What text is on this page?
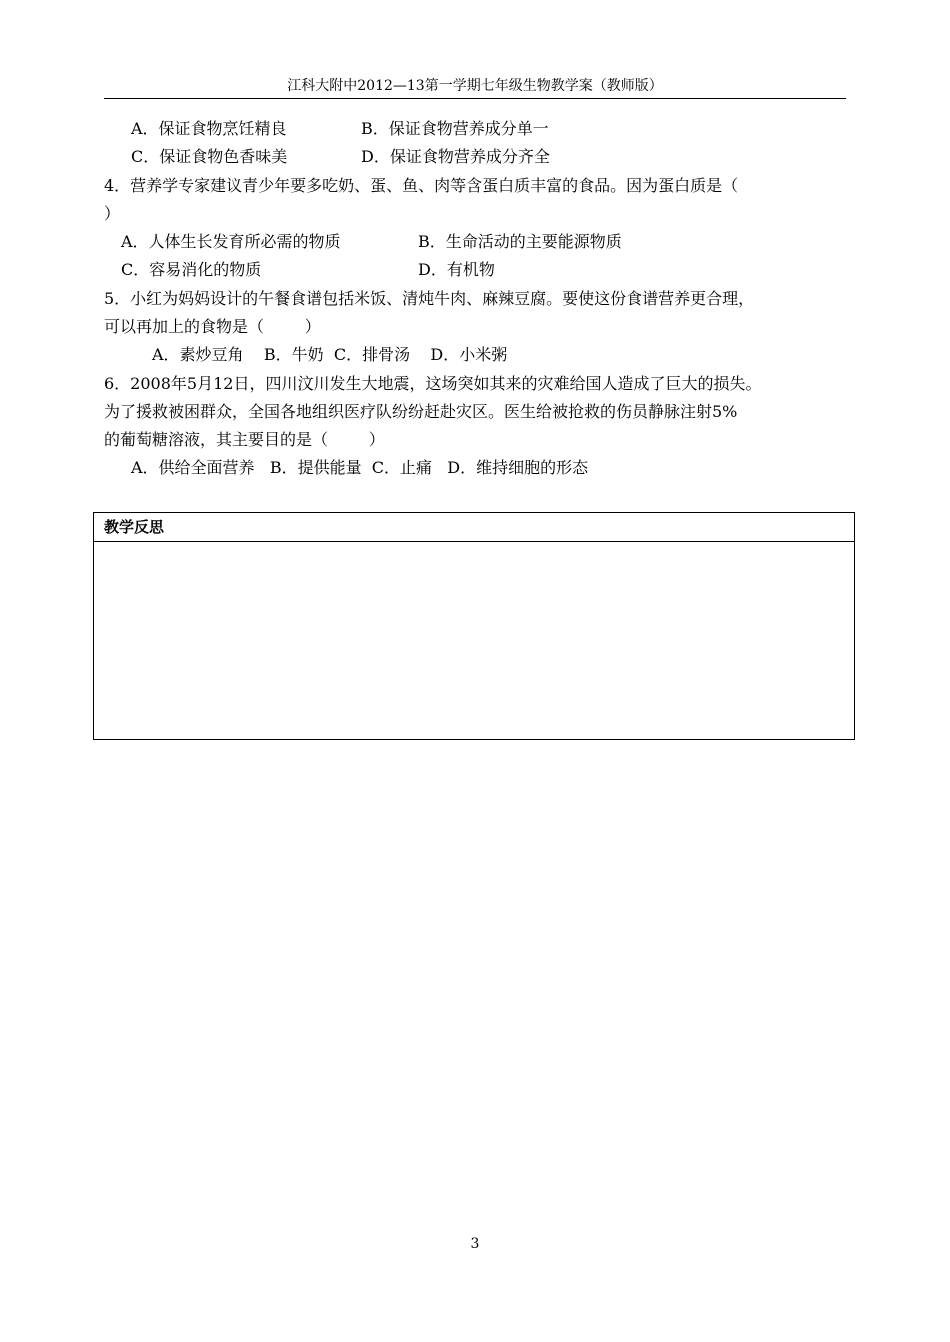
江科大附中2012—13第一学期七年级生物教学案（教师版）
A．保证食物烹饪精良	B．保证食物营养成分单一
C．保证食物色香味美	D．保证食物营养成分齐全
4．营养学专家建议青少年要多吃奶、蛋、鱼、肉等含蛋白质丰富的食品。因为蛋白质是（
）
A．人体生长发育所必需的物质	B．生命活动的主要能源物质
C．容易消化的物质	D．有机物
5．小红为妈妈设计的午餐食谱包括米饭、清炖牛肉、麻辣豆腐。要使这份食谱营养更合理，
可以再加上的食物是（        ）
A．素炒豆角    B．牛奶  C．排骨汤    D．小米粥
6．2008年5月12日，四川汶川发生大地震，这场突如其来的灾难给国人造成了巨大的损失。
为了援救被困群众，全国各地组织医疗队纷纷赶赴灾区。医生给被抢救的伤员静脉注射5%
的葡萄糖溶液，其主要目的是（        ）
A．供给全面营养   B．提供能量  C．止痛   D．维持细胞的形态
教学反思
3
